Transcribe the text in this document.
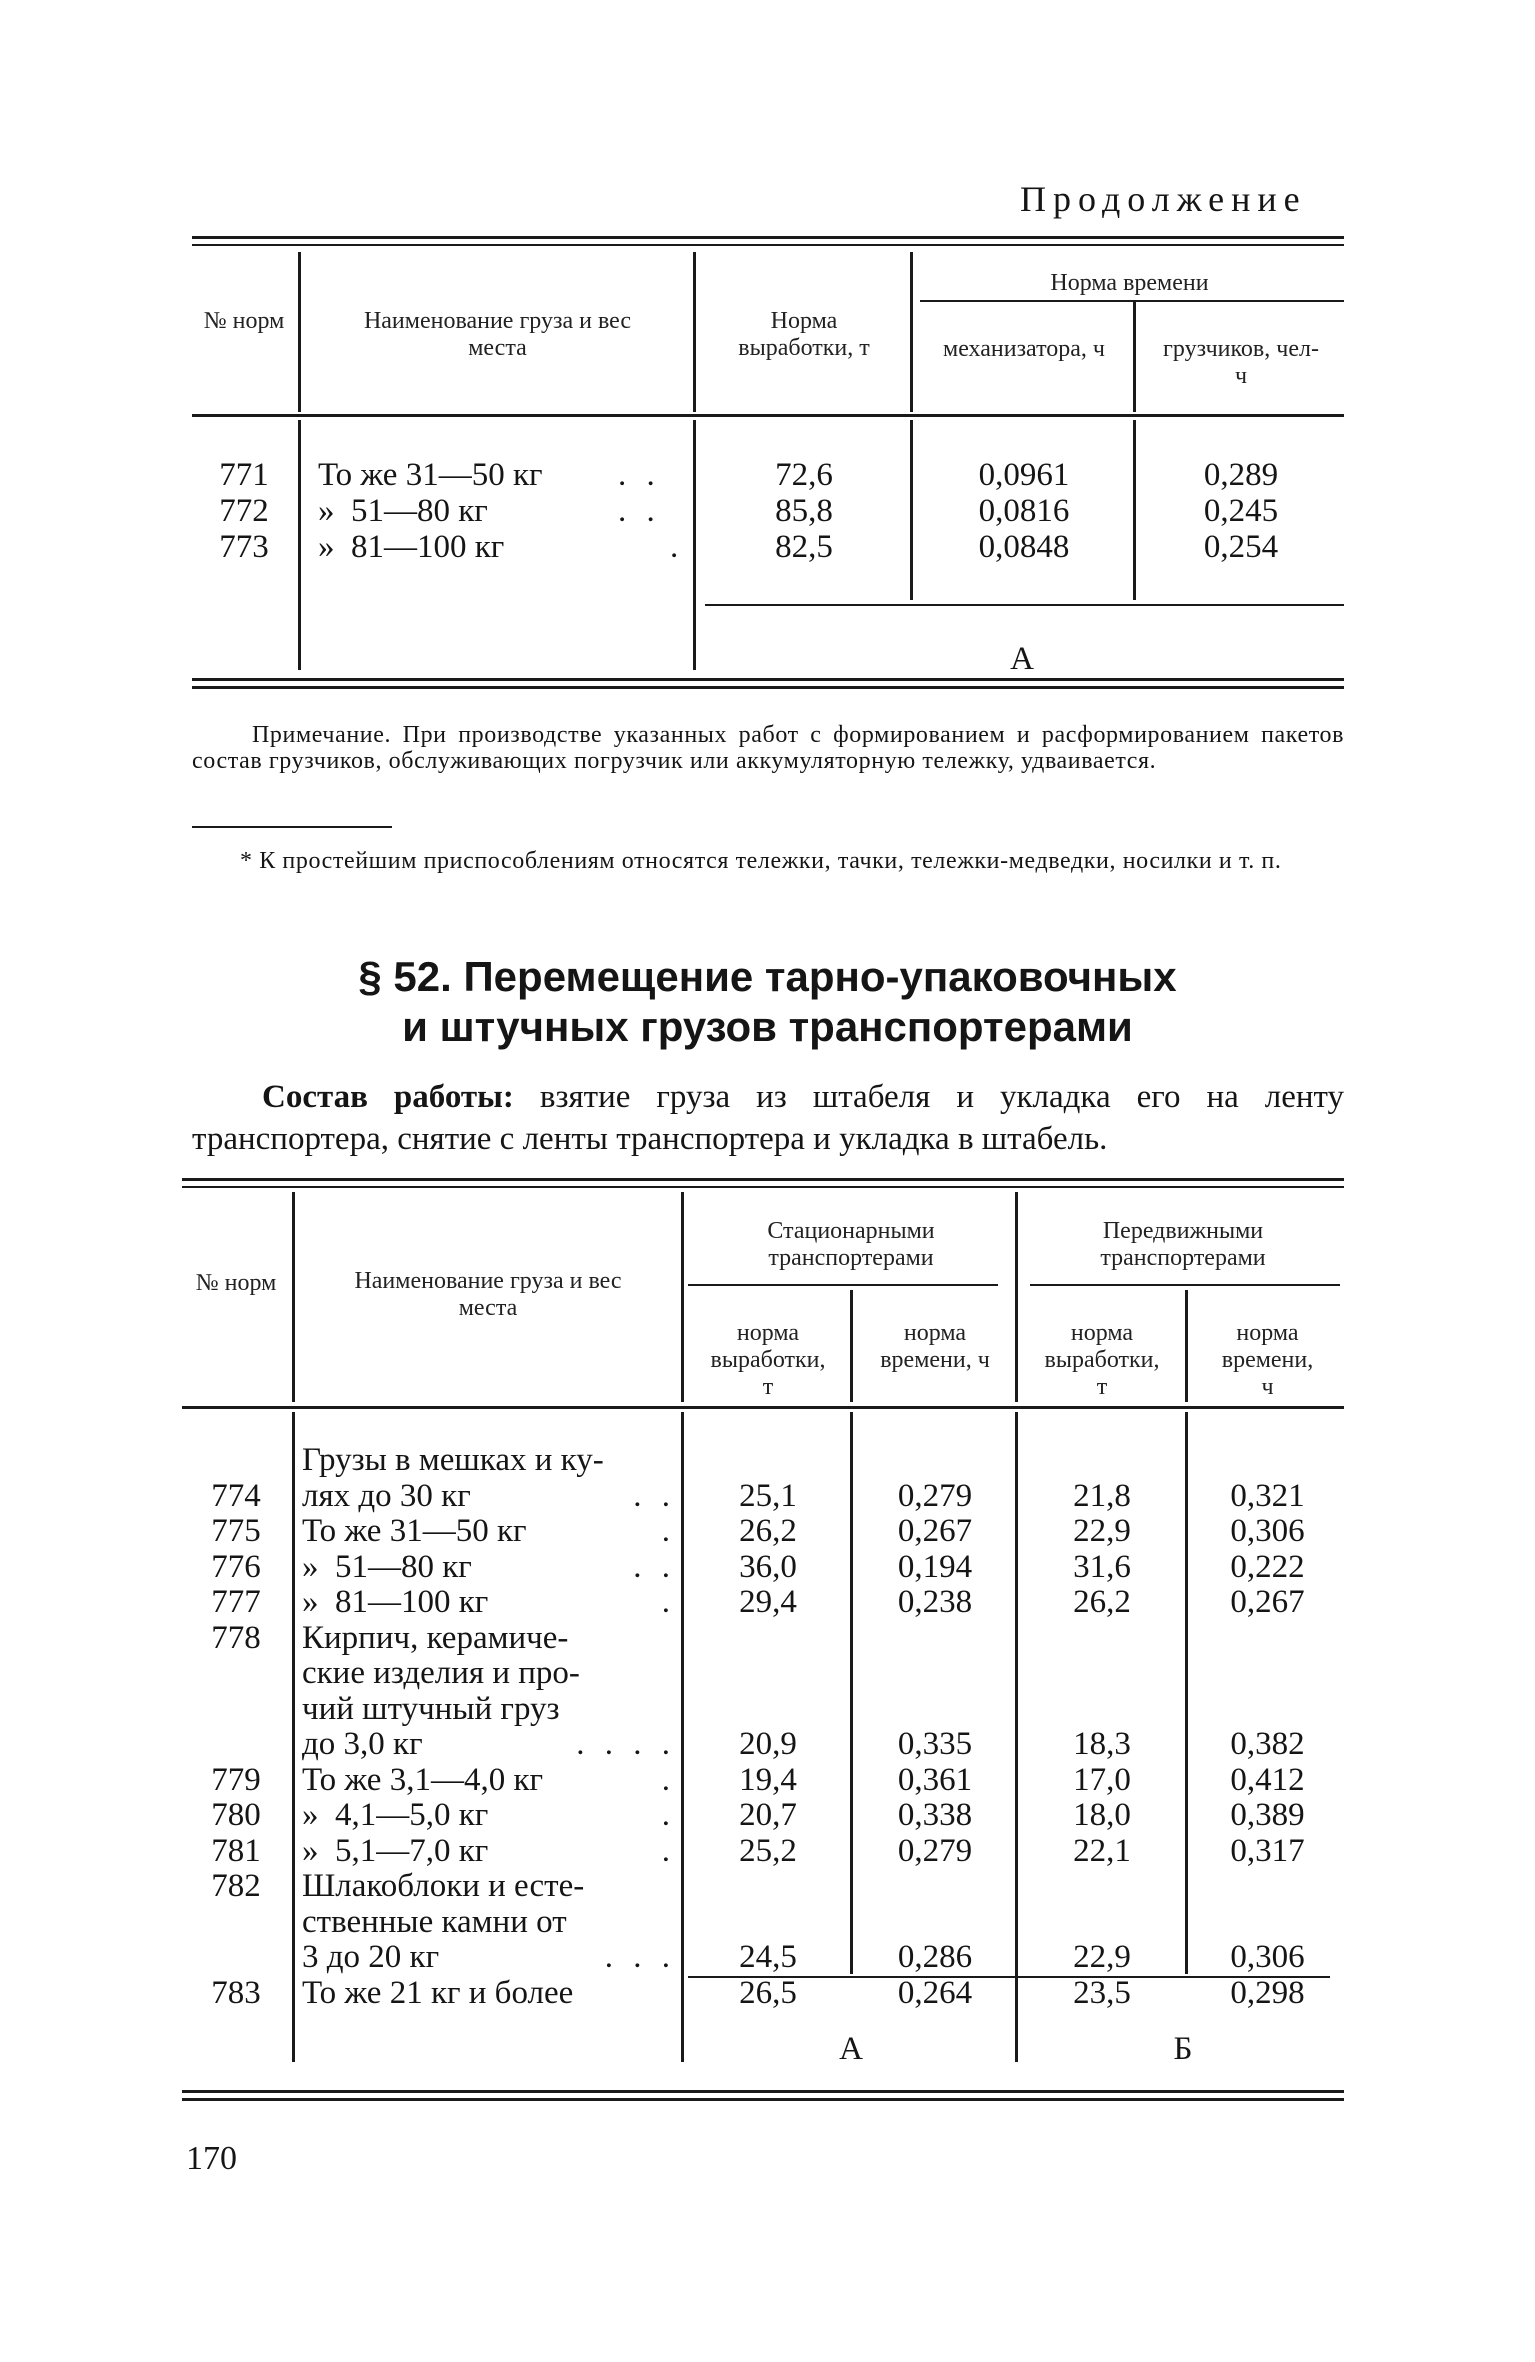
Продолжение
№ норм	Наименование груза и вес места
Норма выработки, т
Норма времени
механизатора, ч	грузчиков, чел-ч
771	То же 31—50 кг . .	72,6	0,0961	0,289
772	»  51—80 кг	. .	85,8	0,0816	0,245
773	»  81—100 кг	.	82,5	0,0848	0,254
А
Примечание. При производстве указанных работ с формированием и расформированием пакетов состав грузчиков, обслуживающих погрузчик или аккумуляторную тележку, удваивается.
* К простейшим приспособлениям относятся тележки, тачки, тележки-медведки, носилки и т. п.
§ 52. Перемещение тарно-упаковочных
и штучных грузов транспортерами
Состав работы: взятие груза из штабеля и укладка его на ленту транспортера, снятие с ленты транспортера и укладка в штабель.
№ норм	Наименование груза и вес места
Стационарными транспортерами
Передвижными транспортерами
норма выработки, т
норма времени, ч
норма выработки, т
норма времени, ч
Грузы в мешках и ку-
774	лях до 30 кг	. .	25,1	0,279	21,8	0,321
775	То же 31—50 кг	.	26,2	0,267	22,9	0,306
776	»  51—80 кг	. .	36,0	0,194	31,6	0,222
777	»  81—100 кг	.	29,4	0,238	26,2	0,267
778	Кирпич, керамиче-
ские изделия и про-
чий штучный груз
до 3,0 кг	. . . .	20,9	0,335	18,3	0,382
779	То же 3,1—4,0 кг	.	19,4	0,361	17,0	0,412
780	»  4,1—5,0 кг	.	20,7	0,338	18,0	0,389
781	»  5,1—7,0 кг	.	25,2	0,279	22,1	0,317
782	Шлакоблоки и есте-
ственные камни от
3 до 20 кг	. . .	24,5	0,286	22,9	0,306
783	То же 21 кг и более	26,5	0,264	23,5	0,298
А	Б
170
